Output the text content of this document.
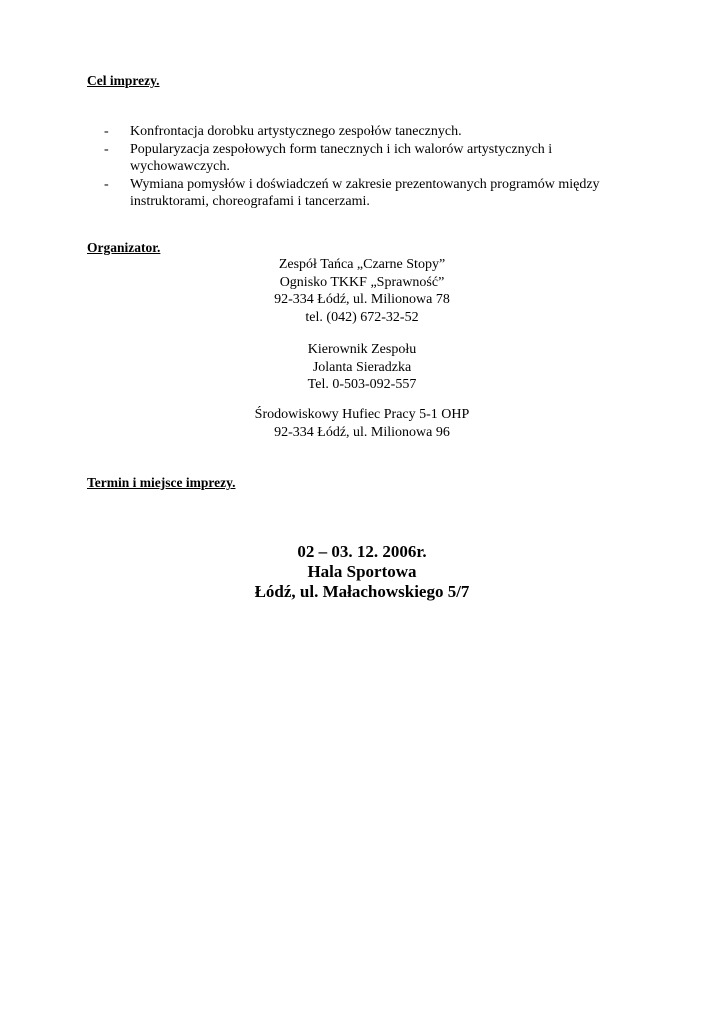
Cel imprezy.
- Konfrontacja dorobku artystycznego zespołów tanecznych.
- Popularyzacja zespołowych form tanecznych i ich walorów artystycznych i
wychowawczych.
- Wymiana pomysłów i doświadczeń w zakresie prezentowanych programów między
instruktorami, choreografami i tancerzami.
Organizator.
Zespół Tańca „Czarne Stopy”
Ognisko TKKF „Sprawność”
92-334 Łódź, ul. Milionowa 78
tel. (042) 672-32-52
Kierownik Zespołu
Jolanta Sieradzka
Tel. 0-503-092-557
Środowiskowy Hufiec Pracy 5-1 OHP
92-334 Łódź, ul. Milionowa 96
Termin i miejsce imprezy.
02 – 03. 12. 2006r.
Hala Sportowa
Łódź, ul. Małachowskiego 5/7
